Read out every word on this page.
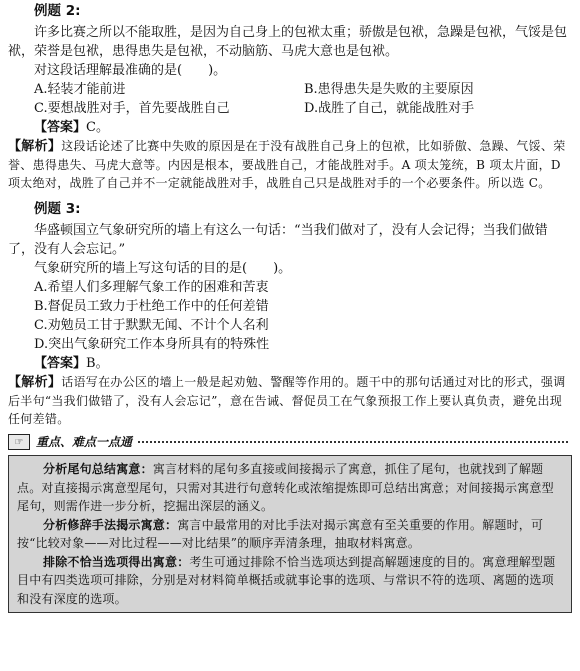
例题 2:

许多比赛之所以不能取胜，是因为自己身上的包袱太重；骄傲是包袱，急躁是包袱，气馁是包袱，荣誉是包袱，患得患失是包袱，不动脑筋、马虎大意也是包袱。

对这段话理解最准确的是(　　)。

A.轻装才能前进	B.患得患失是失败的主要原因
C.要想战胜对手，首先要战胜自己	D.战胜了自己，就能战胜对手

【答案】C。

【解析】这段话论述了比赛中失败的原因是在于没有战胜自己身上的包袱，比如骄傲、急躁、气馁、荣誉、患得患失、马虎大意等。内因是根本，要战胜自己，才能战胜对手。A 项太笼统，B 项太片面，D 项太绝对，战胜了自己并不一定就能战胜对手，战胜自己只是战胜对手的一个必要条件。所以选 C。

例题 3:

华盛顿国立气象研究所的墙上有这么一句话：“当我们做对了，没有人会记得；当我们做错了，没有人会忘记。”

气象研究所的墙上写这句话的目的是(　　)。

A.希望人们多理解气象工作的困难和苦衷
B.督促员工致力于杜绝工作中的任何差错
C.劝勉员工甘于默默无闻、不计个人名利
D.突出气象研究工作本身所具有的特殊性

【答案】B。

【解析】话语写在办公区的墙上一般是起劝勉、警醒等作用的。题干中的那句话通过对比的形式，强调后半句“当我们做错了，没有人会忘记”，意在告诫、督促员工在气象预报工作上要认真负责，避免出现任何差错。

☞	重点、难点一点通

分析尾句总结寓意：寓言材料的尾句多直接或间接揭示了寓意，抓住了尾句，也就找到了解题点。对直接揭示寓意型尾句，只需对其进行句意转化或浓缩提炼即可总结出寓意；对间接揭示寓意型尾句，则需作进一步分析，挖掘出深层的涵义。

分析修辞手法揭示寓意：寓言中最常用的对比手法对揭示寓意有至关重要的作用。解题时，可按“比较对象——对比过程——对比结果”的顺序弄清条理，抽取材料寓意。

排除不恰当选项得出寓意：考生可通过排除不恰当选项达到提高解题速度的目的。寓意理解型题目中有四类选项可排除，分别是对材料简单概括或就事论事的选项、与常识不符的选项、离题的选项和没有深度的选项。
